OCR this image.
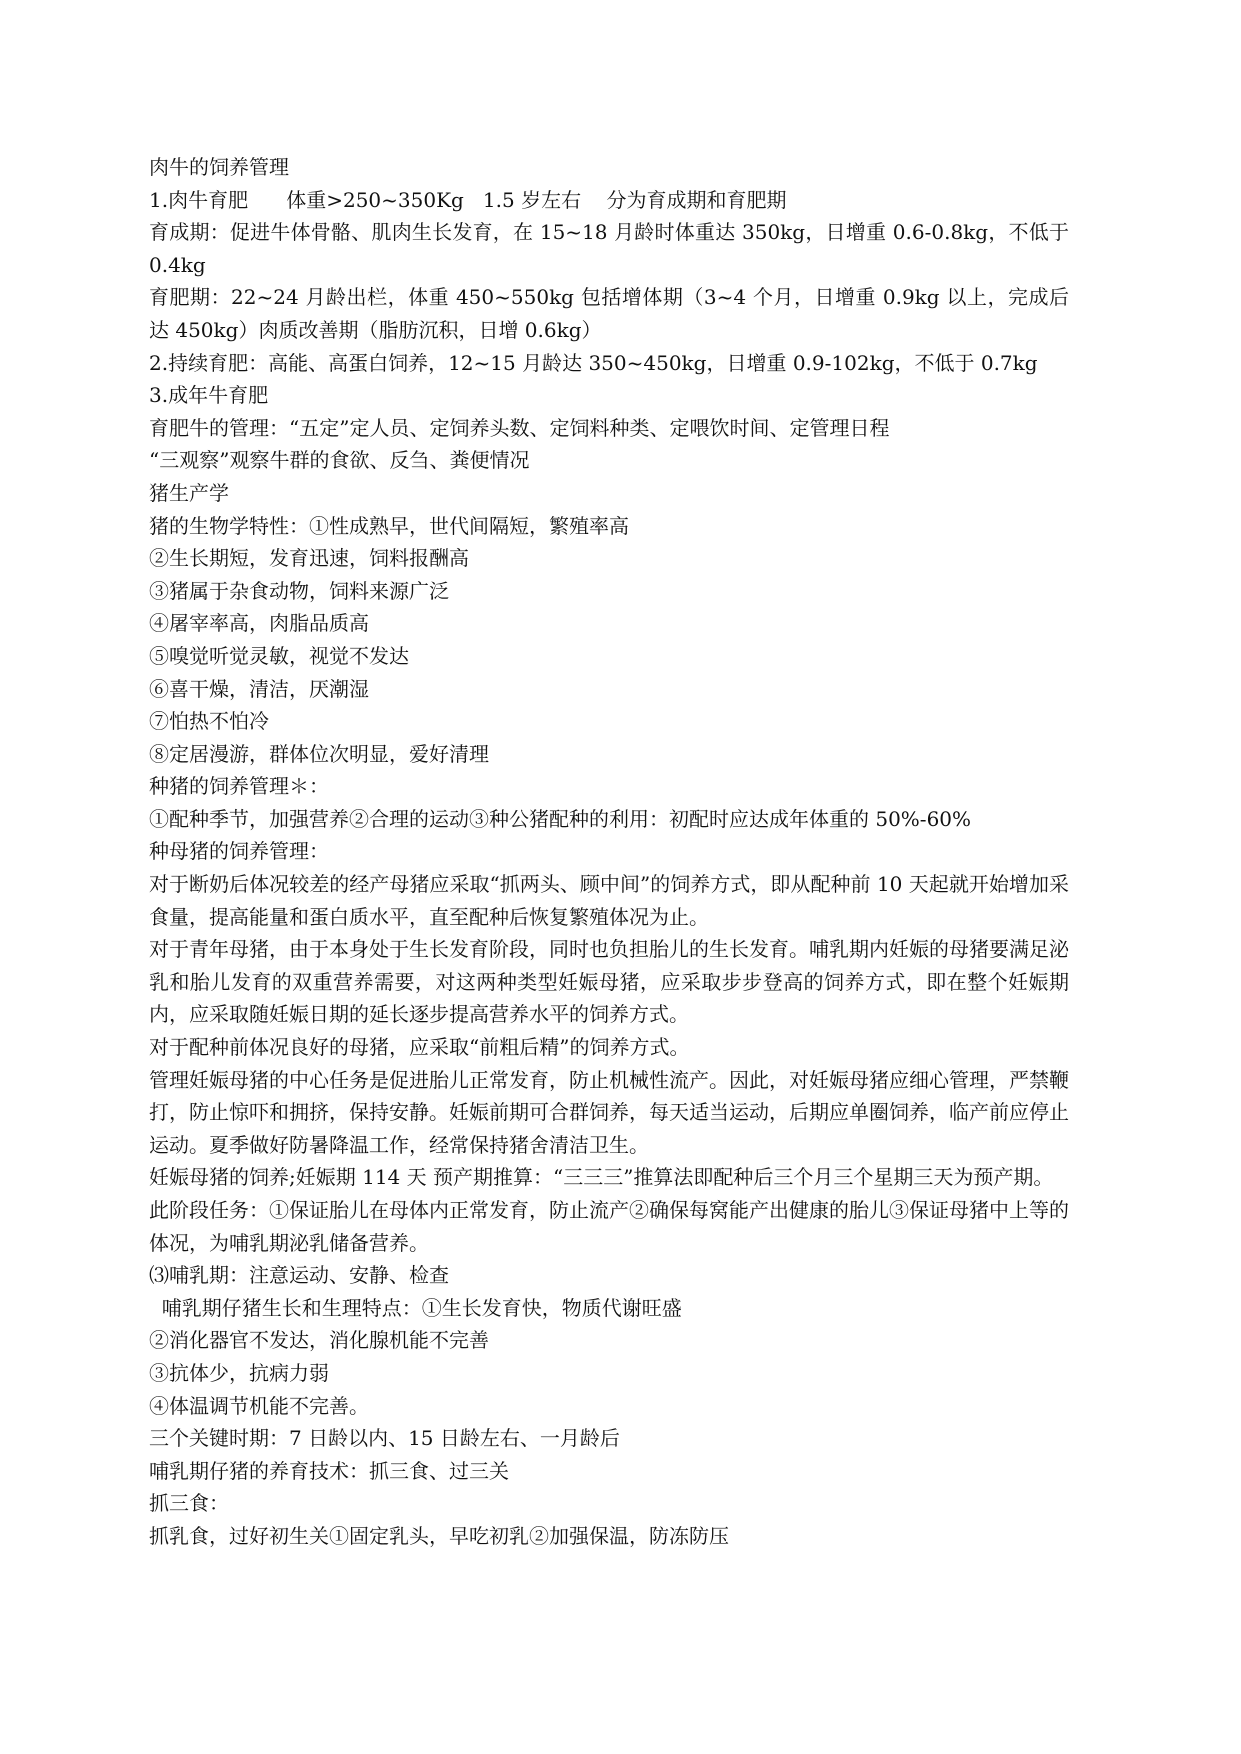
肉牛的饲养管理

1.肉牛育肥      体重>250~350Kg   1.5 岁左右    分为育成期和育肥期

育成期：促进牛体骨骼、肌肉生长发育，在 15~18 月龄时体重达 350kg，日增重 0.6-0.8kg，不低于 0.4kg

育肥期：22~24 月龄出栏，体重 450~550kg 包括增体期（3~4 个月，日增重 0.9kg 以上，完成后达 450kg）肉质改善期（脂肪沉积，日增 0.6kg）

2.持续育肥：高能、高蛋白饲养，12~15 月龄达 350~450kg，日增重 0.9-102kg，不低于 0.7kg

3.成年牛育肥

育肥牛的管理：“五定”定人员、定饲养头数、定饲料种类、定喂饮时间、定管理日程

“三观察”观察牛群的食欲、反刍、粪便情况

猪生产学

猪的生物学特性：①性成熟早，世代间隔短，繁殖率高

②生长期短，发育迅速，饲料报酬高

③猪属于杂食动物，饲料来源广泛

④屠宰率高，肉脂品质高

⑤嗅觉听觉灵敏，视觉不发达

⑥喜干燥，清洁，厌潮湿

⑦怕热不怕冷

⑧定居漫游，群体位次明显，爱好清理

种猪的饲养管理＊：

①配种季节，加强营养②合理的运动③种公猪配种的利用：初配时应达成年体重的 50%-60%

种母猪的饲养管理：

对于断奶后体况较差的经产母猪应采取“抓两头、顾中间”的饲养方式，即从配种前 10 天起就开始增加采食量，提高能量和蛋白质水平，直至配种后恢复繁殖体况为止。

对于青年母猪，由于本身处于生长发育阶段，同时也负担胎儿的生长发育。哺乳期内妊娠的母猪要满足泌乳和胎儿发育的双重营养需要，对这两种类型妊娠母猪，应采取步步登高的饲养方式，即在整个妊娠期内，应采取随妊娠日期的延长逐步提高营养水平的饲养方式。

对于配种前体况良好的母猪，应采取“前粗后精”的饲养方式。

管理妊娠母猪的中心任务是促进胎儿正常发育，防止机械性流产。因此，对妊娠母猪应细心管理，严禁鞭打，防止惊吓和拥挤，保持安静。妊娠前期可合群饲养，每天适当运动，后期应单圈饲养，临产前应停止运动。夏季做好防暑降温工作，经常保持猪舍清洁卫生。

妊娠母猪的饲养;妊娠期 114 天 预产期推算：“三三三”推算法即配种后三个月三个星期三天为预产期。

此阶段任务：①保证胎儿在母体内正常发育，防止流产②确保每窝能产出健康的胎儿③保证母猪中上等的体况，为哺乳期泌乳储备营养。

⑶哺乳期：注意运动、安静、检查

哺乳期仔猪生长和生理特点：①生长发育快，物质代谢旺盛

②消化器官不发达，消化腺机能不完善

③抗体少，抗病力弱

④体温调节机能不完善。

三个关键时期：7 日龄以内、15 日龄左右、一月龄后

哺乳期仔猪的养育技术：抓三食、过三关

抓三食：

抓乳食，过好初生关①固定乳头，早吃初乳②加强保温，防冻防压
